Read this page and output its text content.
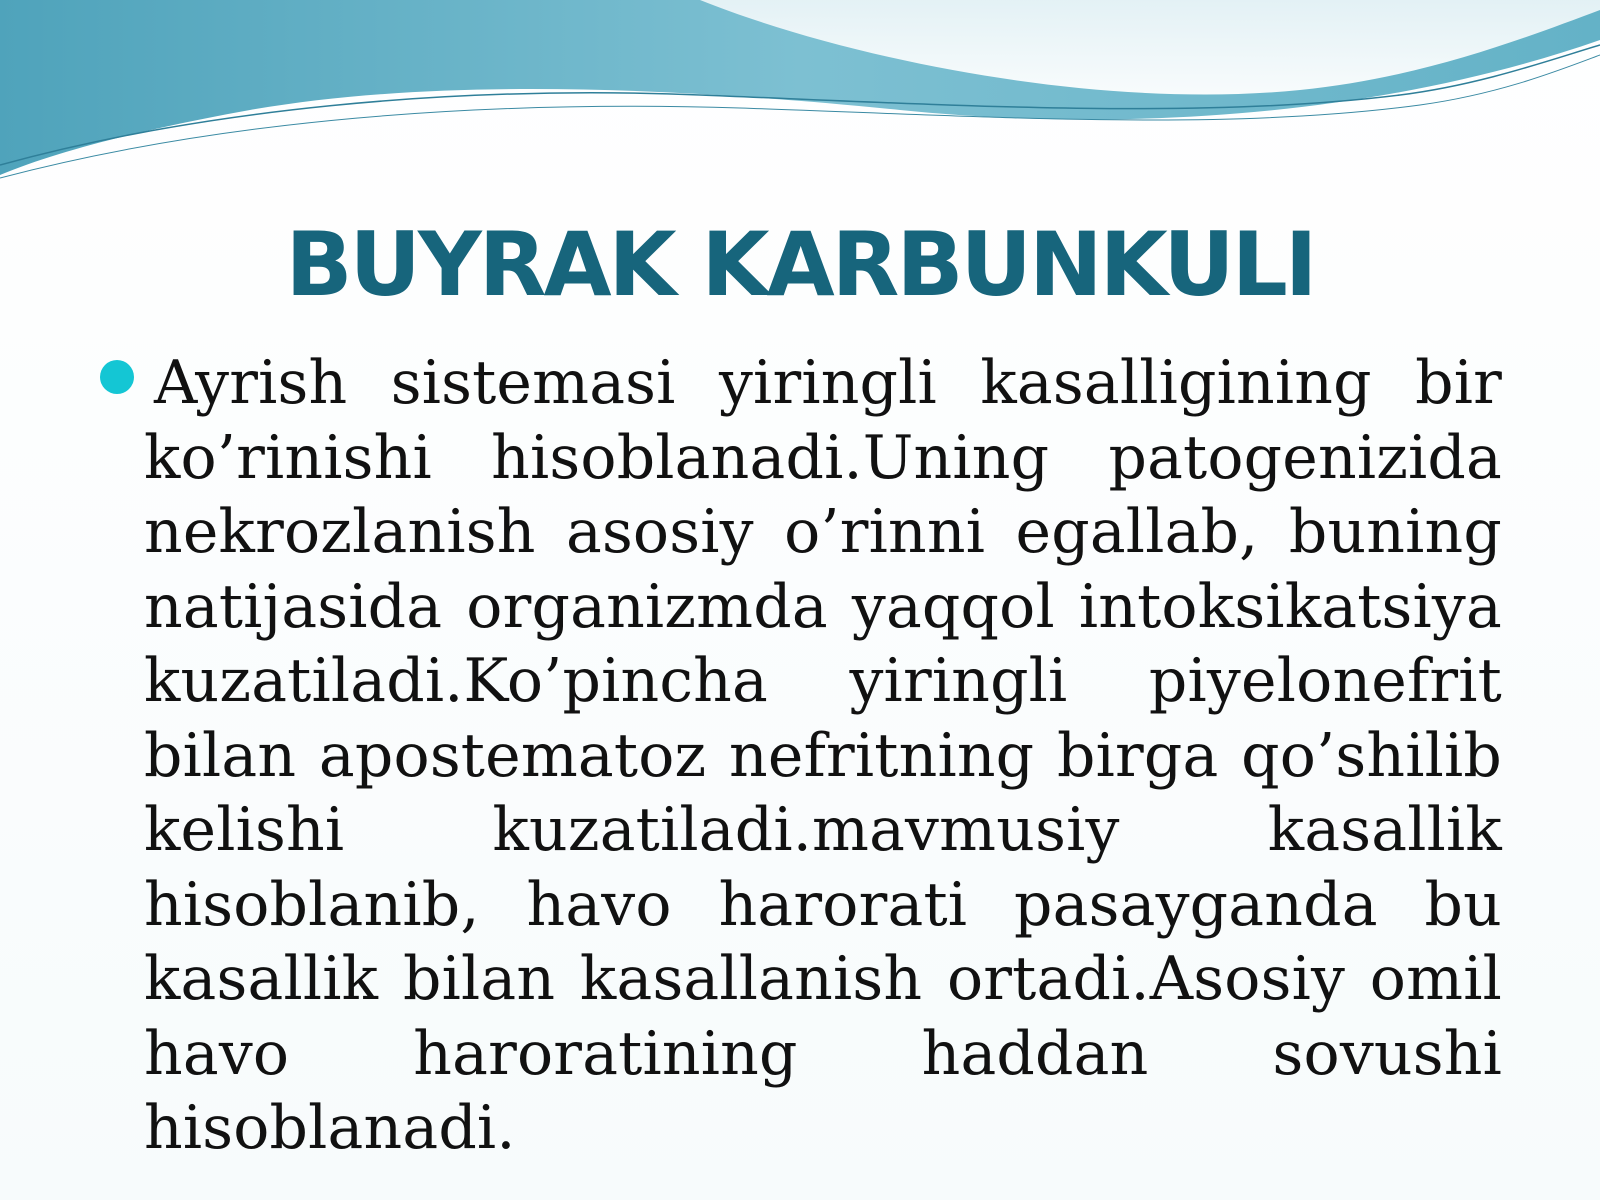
BUYRAK KARBUNKULI

Ayrish sistemasi yiringli kasalligining bir ko’rinishi hisoblanadi.Uning patogenizida nekrozlanish asosiy o’rinni egallab, buning natijasida organizmda yaqqol intoksikatsiya kuzatiladi.Ko’pincha yiringli piyelonefrit bilan apostematoz nefritning birga qo’shilib kelishi kuzatiladi.mavmusiy kasallik hisoblanib, havo harorati pasayganda bu kasallik bilan kasallanish ortadi.Asosiy omil havo haroratining haddan sovushi hisoblanadi.
